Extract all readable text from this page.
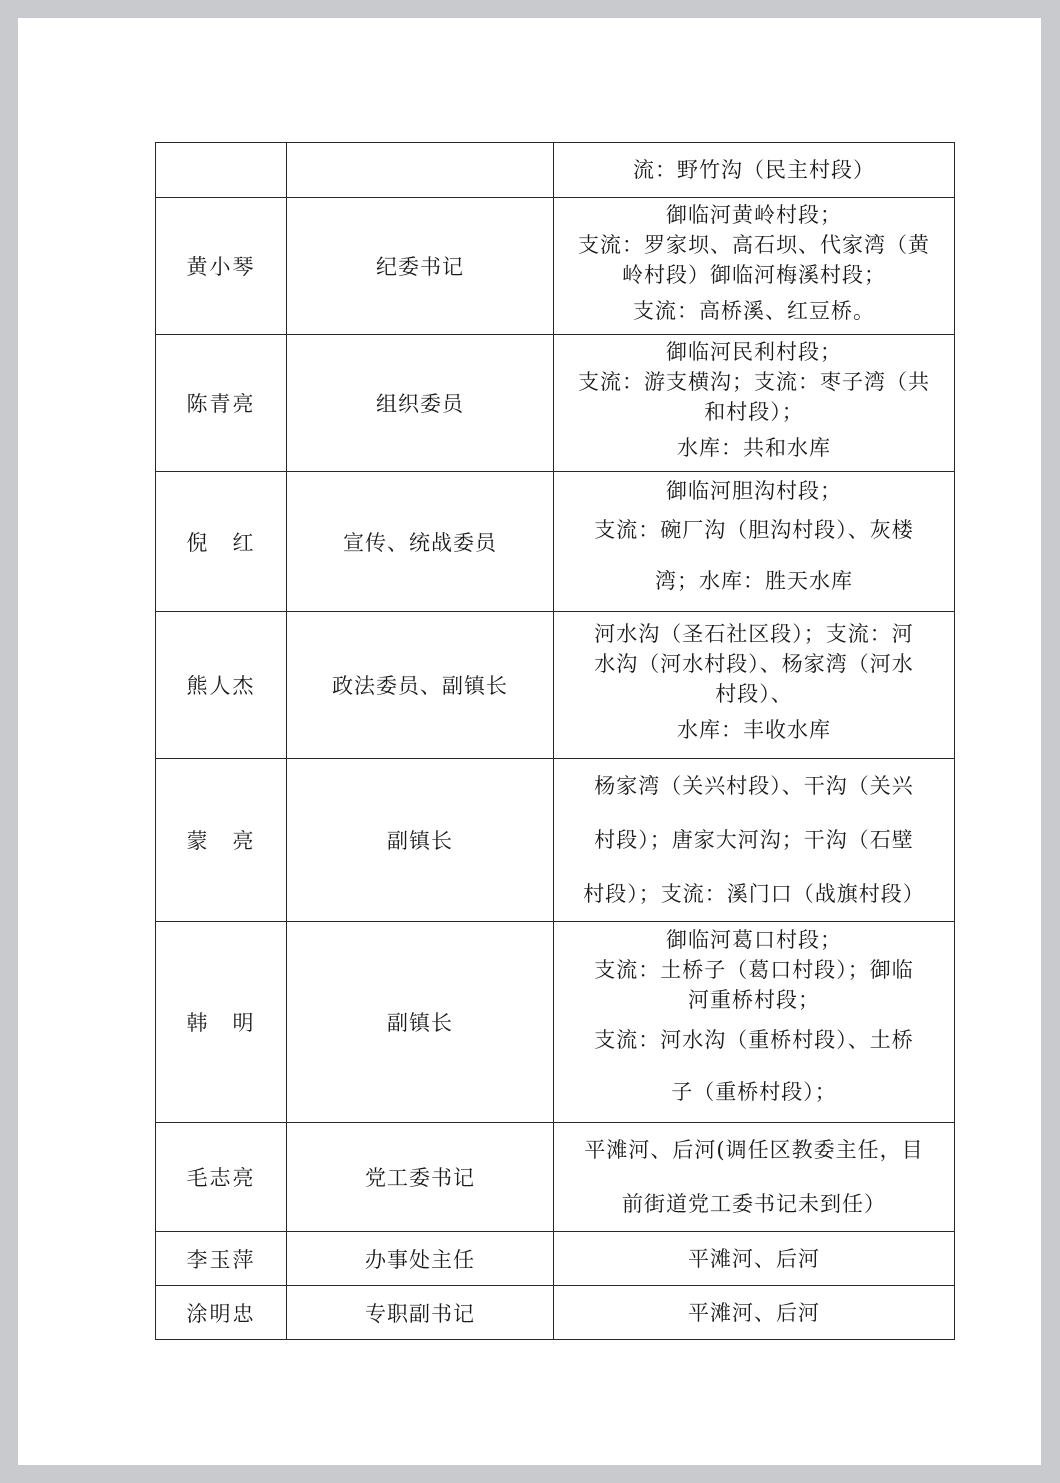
		流：野竹沟（民主村段）

黄小琴	纪委书记	御临河黄岭村段；
支流：罗家坝、高石坝、代家湾（黄
岭村段）御临河梅溪村段；
支流：高桥溪、红豆桥。

陈青亮	组织委员	御临河民利村段；
支流：游支横沟；支流：枣子湾（共
和村段）；
水库：共和水库

倪　红	宣传、统战委员	御临河胆沟村段；
支流：碗厂沟（胆沟村段）、灰楼
湾；水库：胜天水库

熊人杰	政法委员、副镇长	河水沟（圣石社区段）；支流：河
水沟（河水村段）、杨家湾（河水
村段）、
水库：丰收水库

蒙　亮	副镇长	杨家湾（关兴村段）、干沟（关兴
村段）；唐家大河沟；干沟（石壁
村段）；支流：溪门口（战旗村段）

韩　明	副镇长	御临河葛口村段；
支流：土桥子（葛口村段）；御临
河重桥村段；
支流：河水沟（重桥村段）、土桥
子（重桥村段）；

毛志亮	党工委书记	平滩河、后河(调任区教委主任，目
前街道党工委书记未到任）

李玉萍	办事处主任	平滩河、后河

涂明忠	专职副书记	平滩河、后河
